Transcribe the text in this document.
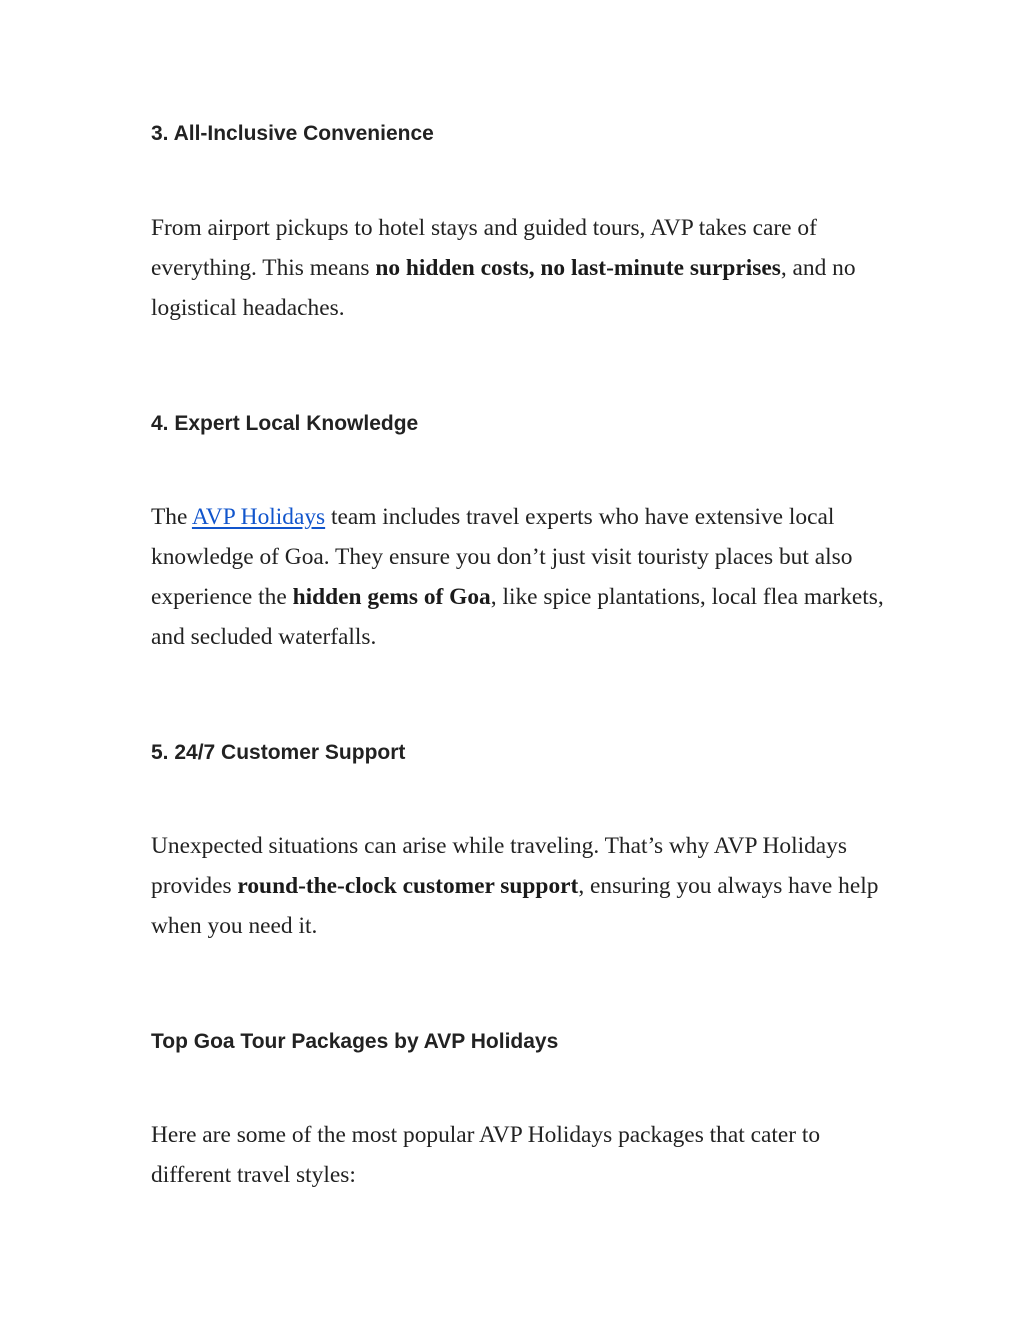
3. All-Inclusive Convenience

From airport pickups to hotel stays and guided tours, AVP takes care of everything. This means no hidden costs, no last-minute surprises, and no logistical headaches.

4. Expert Local Knowledge

The AVP Holidays team includes travel experts who have extensive local knowledge of Goa. They ensure you don’t just visit touristy places but also experience the hidden gems of Goa, like spice plantations, local flea markets, and secluded waterfalls.

5. 24/7 Customer Support

Unexpected situations can arise while traveling. That’s why AVP Holidays provides round-the-clock customer support, ensuring you always have help when you need it.

Top Goa Tour Packages by AVP Holidays

Here are some of the most popular AVP Holidays packages that cater to different travel styles:
